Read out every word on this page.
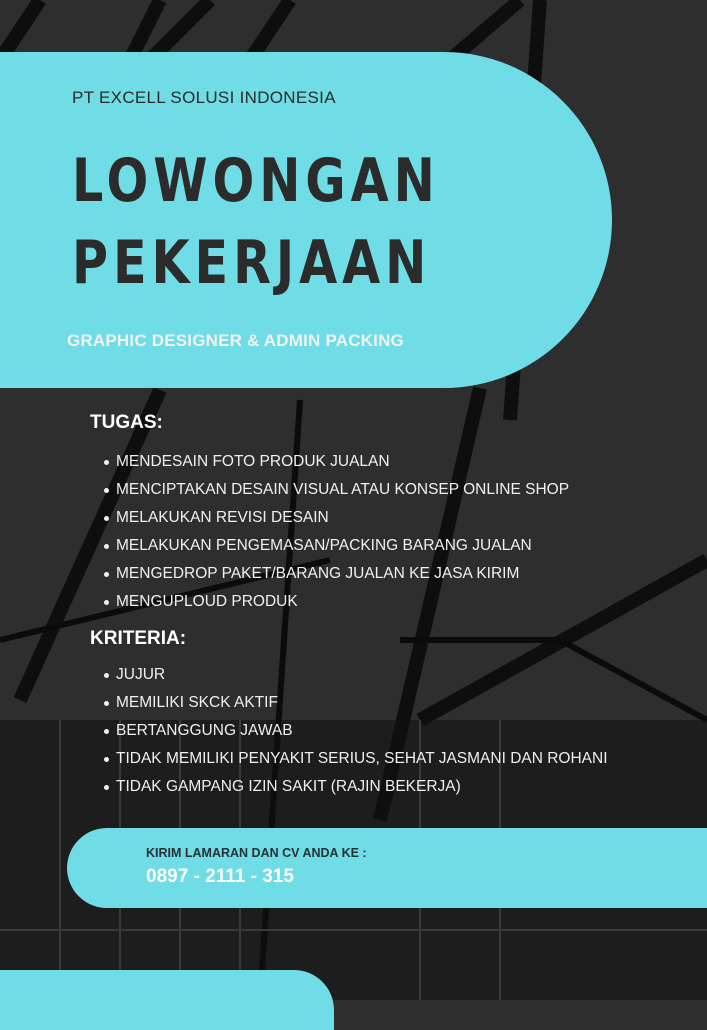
PT EXCELL SOLUSI INDONESIA
LOWONGAN
PEKERJAAN
GRAPHIC DESIGNER & ADMIN PACKING
TUGAS:
MENDESAIN FOTO PRODUK JUALAN
MENCIPTAKAN DESAIN VISUAL ATAU KONSEP ONLINE SHOP
MELAKUKAN REVISI DESAIN
MELAKUKAN PENGEMASAN/PACKING BARANG JUALAN
MENGEDROP PAKET/BARANG JUALAN KE JASA KIRIM
MENGUPLOUD PRODUK
KRITERIA:
JUJUR
MEMILIKI SKCK AKTIF
BERTANGGUNG JAWAB
TIDAK MEMILIKI PENYAKIT SERIUS, SEHAT JASMANI DAN ROHANI
TIDAK GAMPANG IZIN SAKIT (RAJIN BEKERJA)
KIRIM LAMARAN DAN CV ANDA KE :
0897 - 2111 - 315
